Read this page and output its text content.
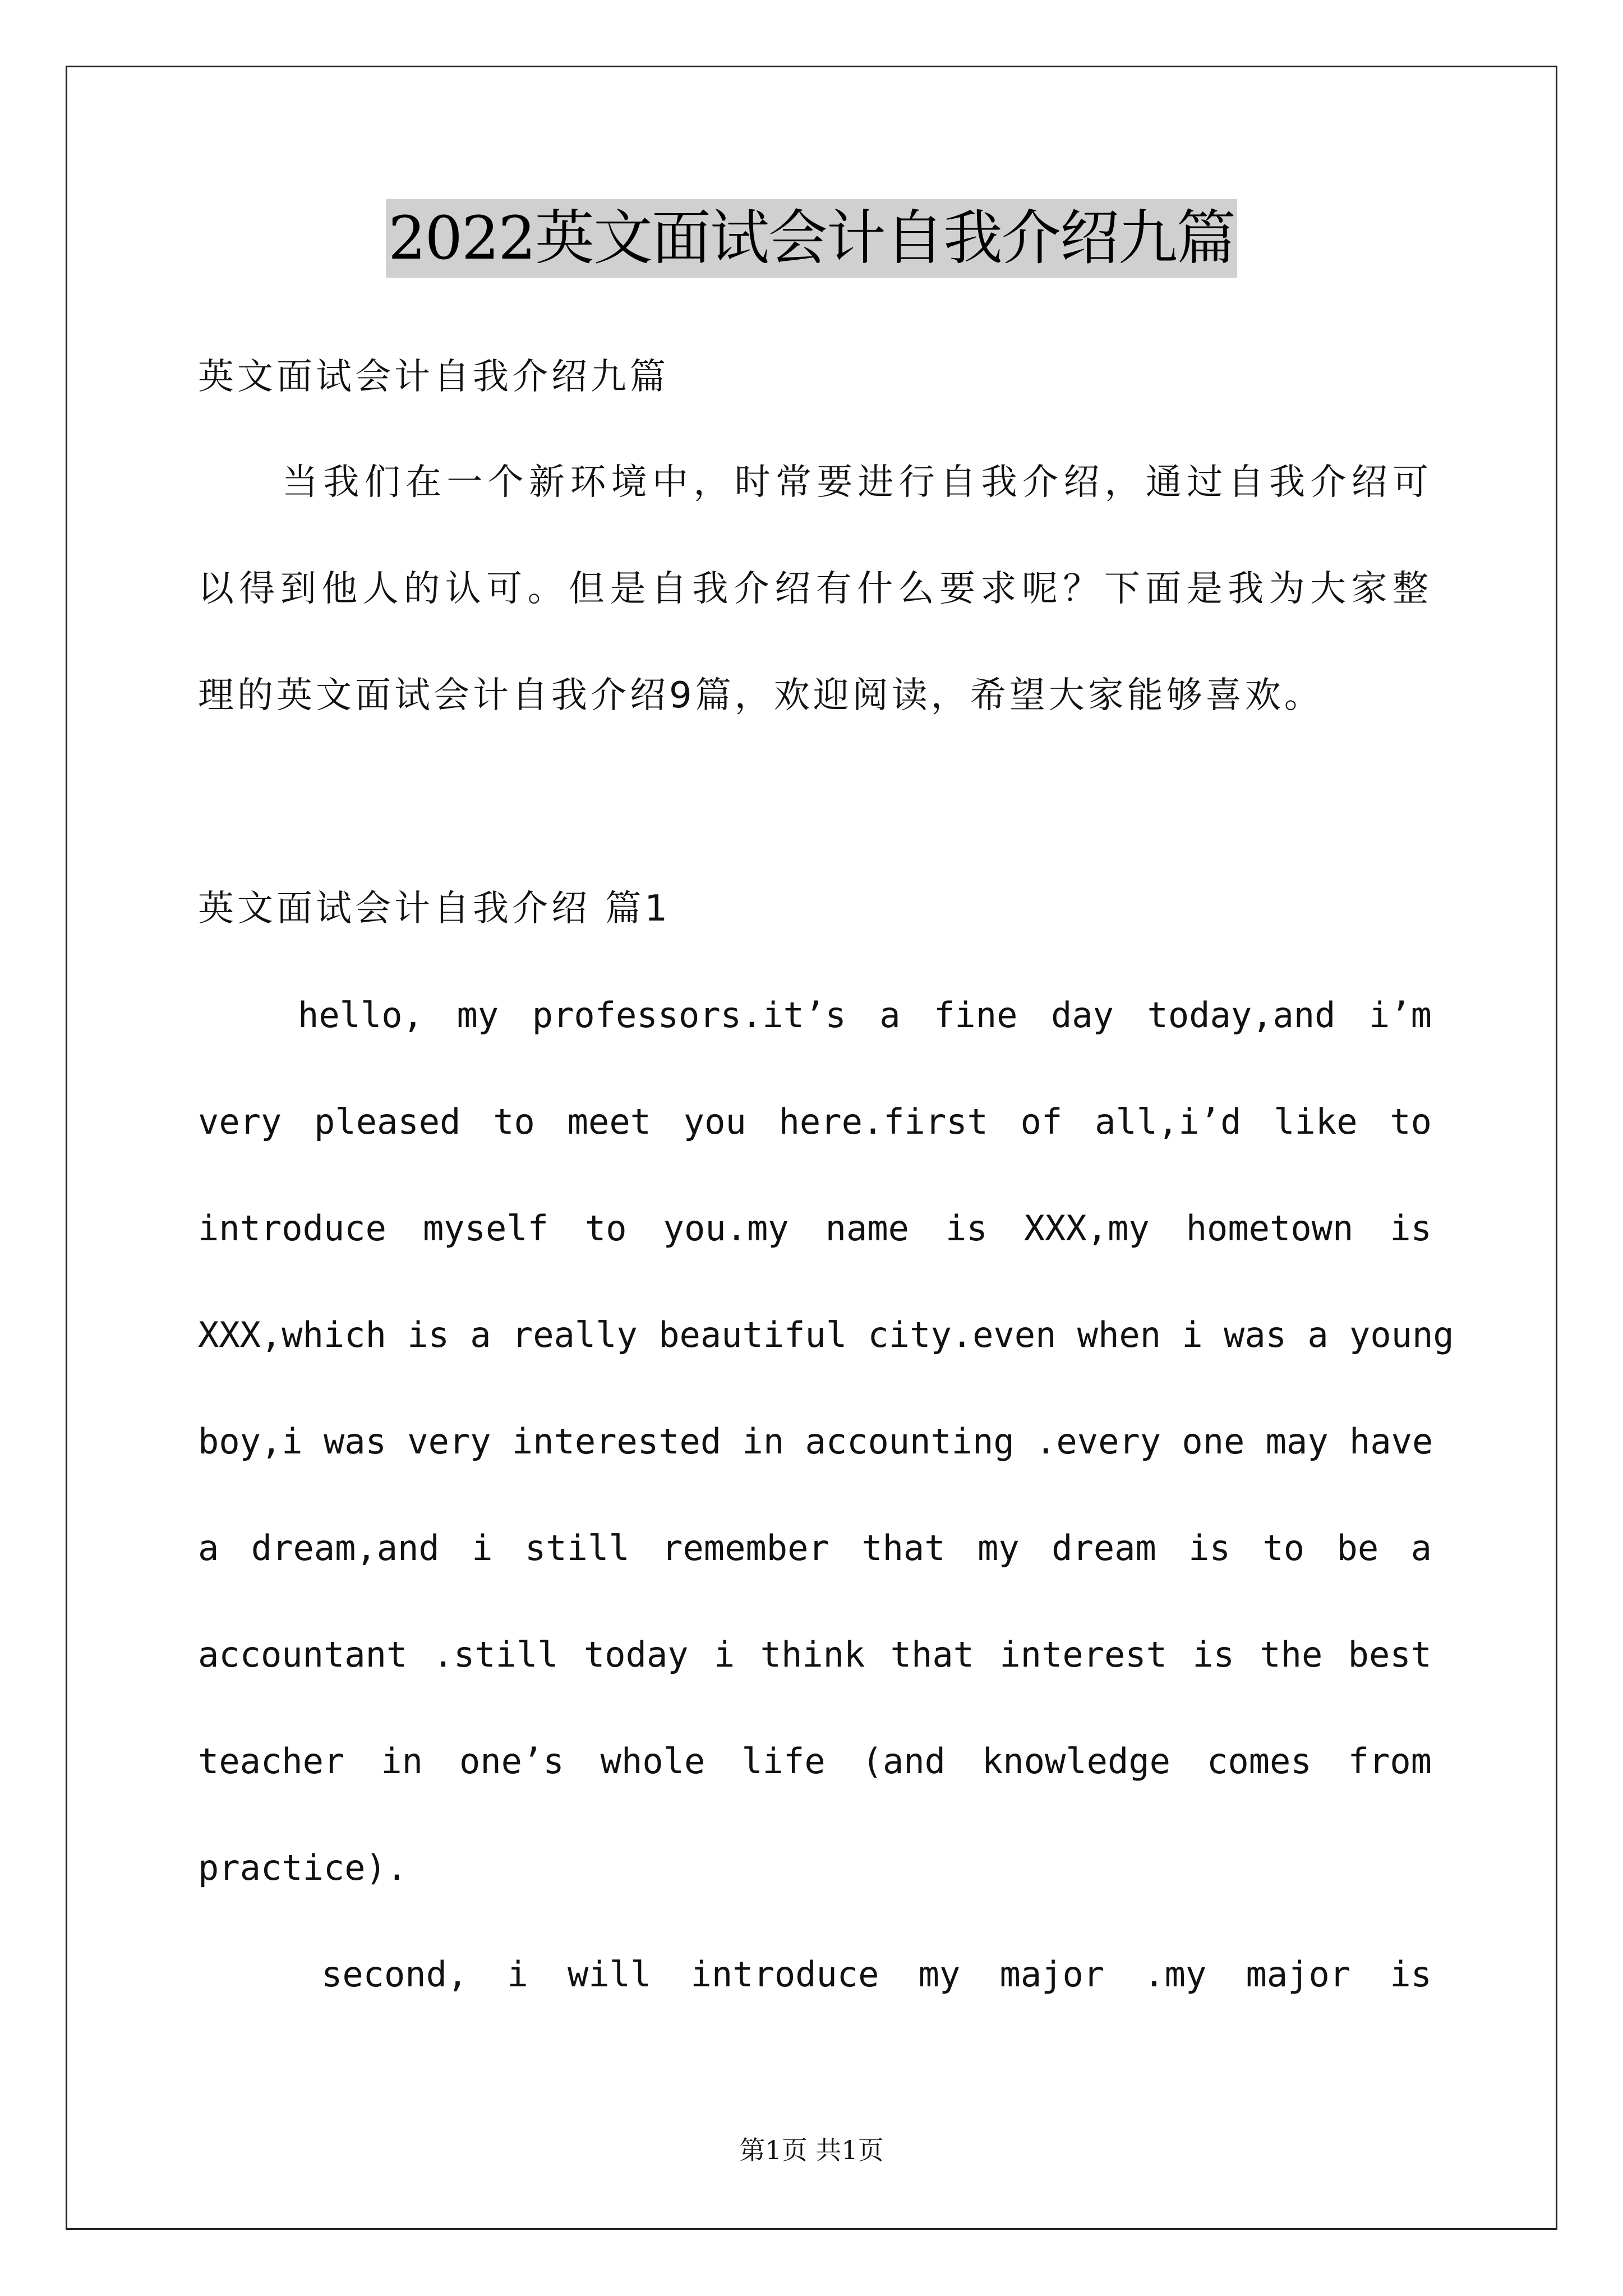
2022英文面试会计自我介绍九篇
英文面试会计自我介绍九篇
当我们在一个新环境中，时常要进行自我介绍，通过自我介绍可
以得到他人的认可。但是自我介绍有什么要求呢？下面是我为大家整
理的英文面试会计自我介绍9篇，欢迎阅读，希望大家能够喜欢。
英文面试会计自我介绍 篇1
hello, my professors.it’s a fine day today,and i’m
very pleased to meet you here.first of all,i’d like to
introduce myself to you.my name is XXX,my hometown is
XXX,which is a really beautiful city.even when i was a young
boy,i was very interested in accounting .every one may have
a dream,and i still remember that my dream is to be a
accountant .still today i think that interest is the best
teacher in one’s whole life (and knowledge comes from
practice).
second, i will introduce my major .my major is
第1页 共1页
